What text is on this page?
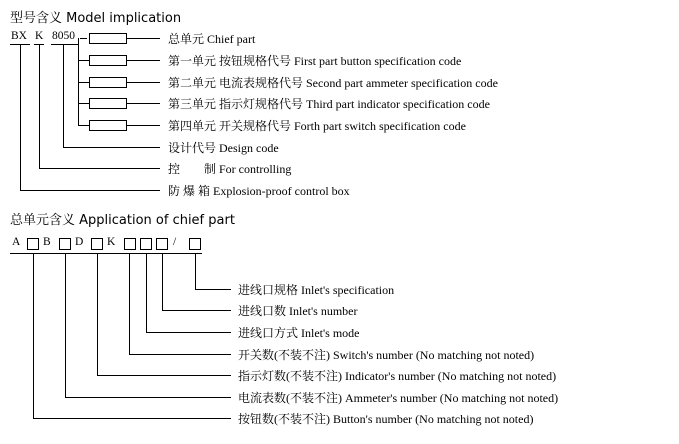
型号含义 Model implication
BX K 8050	总单元 Chief part
第一单元 按钮规格代号 First part button specification code
第二单元 电流表规格代号 Second part ammeter specification code
第三单元 指示灯规格代号 Third part indicator specification code
第四单元 开关规格代号 Forth part switch specification code
设计代号 Design code
控　　制 For controlling
防 爆 箱 Explosion-proof control box
总单元含义 Application of chief part
A B D K	/
进线口规格 Inlet's specification
进线口数 Inlet's number
进线口方式 Inlet's mode
开关数(不装不注) Switch's number (No matching not noted)
指示灯数(不装不注) Indicator's number (No matching not noted)
电流表数(不装不注) Ammeter's number (No matching not noted)
按钮数(不装不注) Button's number (No matching not noted)
